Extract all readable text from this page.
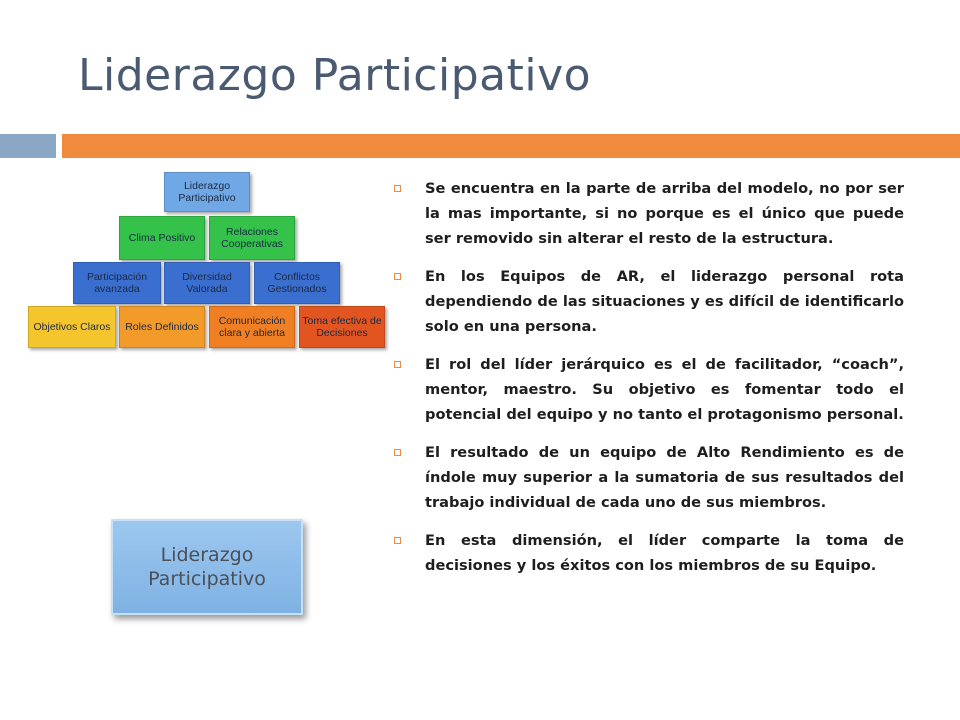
Liderazgo Participativo
Liderazgo Participativo
Clima Positivo	Relaciones Cooperativas
Participación avanzada
Diversidad Valorada
Conflictos Gestionados
Objetivos Claros Roles Definidos	Comunicación clara y abierta
Toma efectiva de Decisiones
Liderazgo
Participativo
Se encuentra en la parte de arriba del modelo, no por ser la mas importante, si no porque es el único que puede ser removido sin alterar el resto de la estructura.
En los Equipos de AR, el liderazgo personal rota dependiendo de las situaciones y es difícil de identificarlo solo en una persona.
El rol del líder jerárquico es el de facilitador, “coach”, mentor, maestro. Su objetivo es fomentar todo el potencial del equipo y no tanto el protagonismo personal.
El resultado de un equipo de Alto Rendimiento es de índole muy superior a la sumatoria de sus resultados del trabajo individual de cada uno de sus miembros.
En esta dimensión, el líder comparte la toma de decisiones y los éxitos con los miembros de su Equipo.
